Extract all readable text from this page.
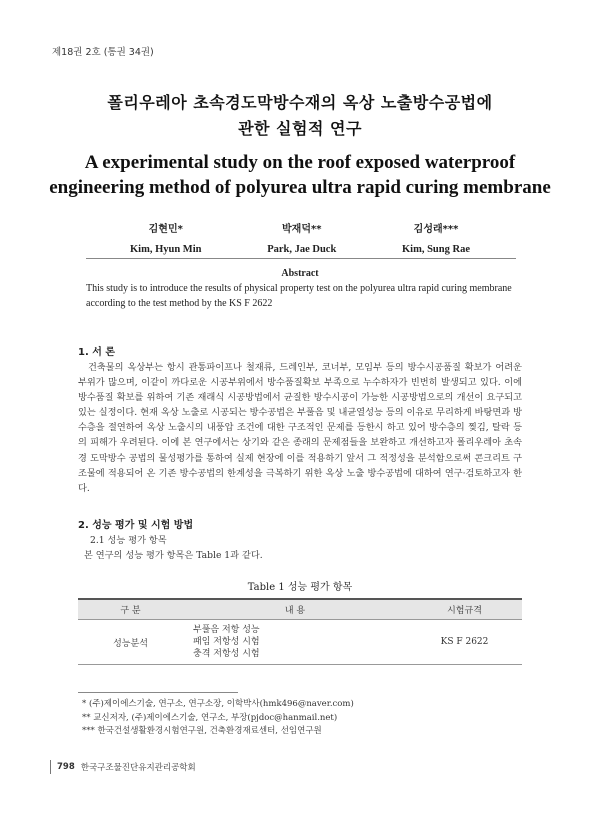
제18권 2호 (통권 34권)
폴리우레아 초속경도막방수재의 옥상 노출방수공법에
관한 실험적 연구
A experimental study on the roof exposed waterproof
engineering method of polyurea ultra rapid curing membrane
김현민*
Kim, Hyun Min
박재덕**
Park, Jae Duck
김성래***
Kim, Sung Rae
Abstract
This study is to introduce the results of physical property test on the polyurea ultra rapid curing membrane according to the test method by the KS F 2622
1. 서 론

건축물의 옥상부는 항시 관통파이프나 철재류, 드레인부, 코너부, 모임부 등의 방수시공품질 확보가 어려운 부위가 많으며, 이같이 까다로운 시공부위에서 방수품질확보 부족으로 누수하자가 빈번히 발생되고 있다. 이에 방수품질 확보를 위하여 기존 재래식 시공방법에서 균질한 방수시공이 가능한 시공방법으로의 개선이 요구되고 있는 실정이다. 현재 옥상 노출로 시공되는 방수공법은 부풀음 및 내균열성능 등의 이유로 무리하게 바탕면과 방수층을 절연하여 옥상 노출시의 내풍압 조건에 대한 구조적인 문제를 등한시 하고 있어 방수층의 찢김, 탈락 등의 피해가 우려된다. 이에 본 연구에서는 상기와 같은 종래의 문제점들을 보완하고 개선하고자 폴리우레아 초속경 도막방수 공법의 물성평가를 통하여 실제 현장에 이를 적용하기 앞서 그 적정성을 분석함으로써 콘크리트 구조물에 적용되어 온 기존 방수공법의 한계성을 극복하기 위한 옥상 노출 방수공법에 대하여 연구·검토하고자 한다.

2. 성능 평가 및 시험 방법
2.1 성능 평가 항목
본 연구의 성능 평가 항목은 Table 1과 같다.
Table 1 성능 평가 항목
구 분	내 용	시험규격
성능분석	부풀음 저항 성능
패임 저항성 시험
충격 저항성 시험	KS F 2622
* (주)제이에스기술, 연구소, 연구소장, 이학박사(hmk496@naver.com)
** 교신저자, (주)제이에스기술, 연구소, 부장(pjdoc@hanmail.net)
*** 한국건설생활환경시험연구원, 건축환경재료센터, 선임연구원
798 한국구조물진단유지관리공학회
